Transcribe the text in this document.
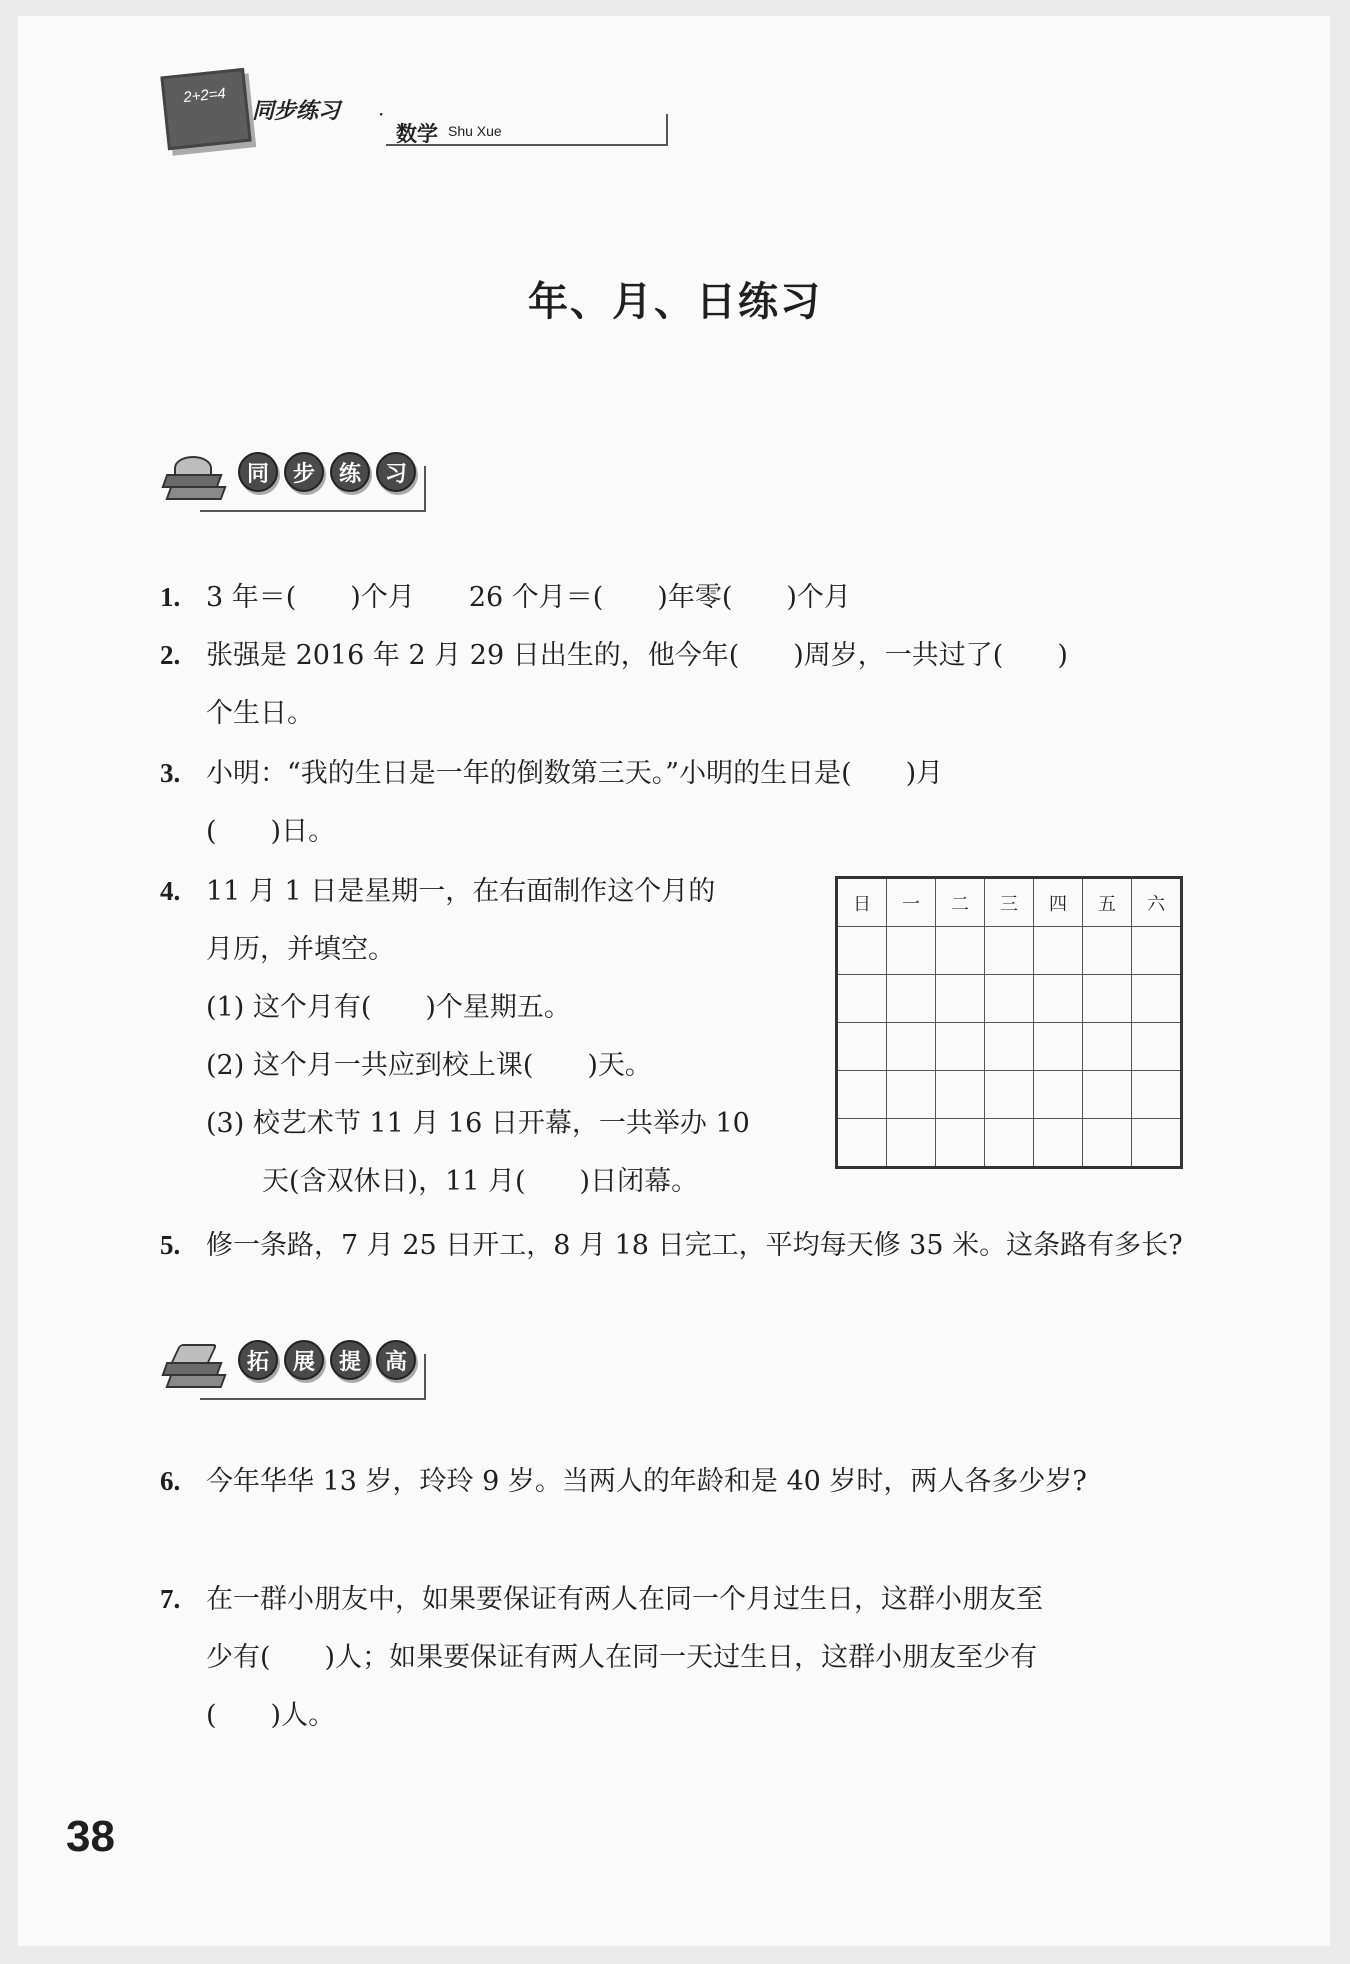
2+2=4
同步练习 ·
数学 Shu Xue
年、月、日练习
同	步	练	习
1. 3 年＝(　　)个月　　26 个月＝(　　)年零(　　)个月
2. 张强是 2016 年 2 月 29 日出生的，他今年(　　)周岁，一共过了(　　)
个生日。
3. 小明：“我的生日是一年的倒数第三天。”小明的生日是(　　)月
(　　)日。
4. 11 月 1 日是星期一，在右面制作这个月的
月历，并填空。
(1) 这个月有(　　)个星期五。
(2) 这个月一共应到校上课(　　)天。
(3) 校艺术节 11 月 16 日开幕，一共举办 10
天(含双休日)，11 月(　　)日闭幕。
日	一	二	三	四	五	六

5. 修一条路，7 月 25 日开工，8 月 18 日完工，平均每天修 35 米。这条路有多长?
拓	展	提	高
6. 今年华华 13 岁，玲玲 9 岁。当两人的年龄和是 40 岁时，两人各多少岁?
7. 在一群小朋友中，如果要保证有两人在同一个月过生日，这群小朋友至
少有(　　)人；如果要保证有两人在同一天过生日，这群小朋友至少有
(　　)人。
38
